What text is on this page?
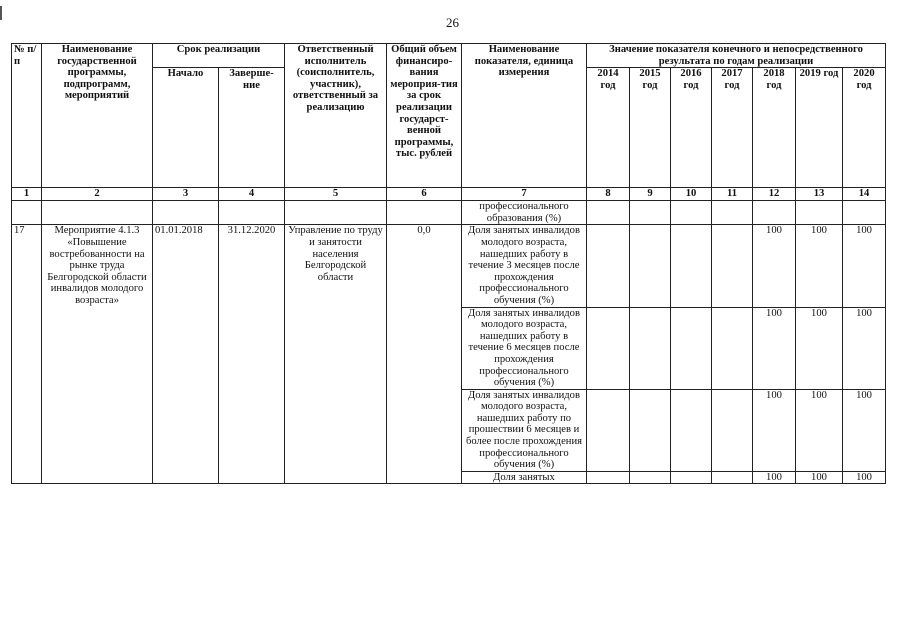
26
№ п/п	Наименование государственной программы, подпрограмм, мероприятий	Срок реализации		Ответственный исполнитель (соисполнитель, участник), ответственный за реализацию	Общий объем финансиро-вания мероприя-тия за срок реализации государст-венной программы, тыс. рублей	Наименование показателя, единица измерения	Значение показателя конечного и непосредственного результата по годам реализации						
		Начало	Заверше-ние				2014 год	2015 год	2016 год	2017 год	2018 год	2019 год	2020 год
1	2	3	4	5	6	7	8	9	10	11	12	13	14
						профессионального образования (%)							
17	Мероприятие 4.1.3 «Повышение востребованности на рынке труда Белгородской области инвалидов молодого возраста»	01.01.2018	31.12.2020	Управление по труду и занятости населения Белгородской области	0,0	Доля занятых инвалидов молодого возраста, нашедших работу в течение 3 месяцев после прохождения профессионального обучения (%)					100	100	100
						Доля занятых инвалидов молодого возраста, нашедших работу в течение 6 месяцев после прохождения профессионального обучения (%)					100	100	100
						Доля занятых инвалидов молодого возраста, нашедших работу по прошествии 6 месяцев и более после прохождения профессионального обучения (%)					100	100	100
						Доля занятых					100	100	100
